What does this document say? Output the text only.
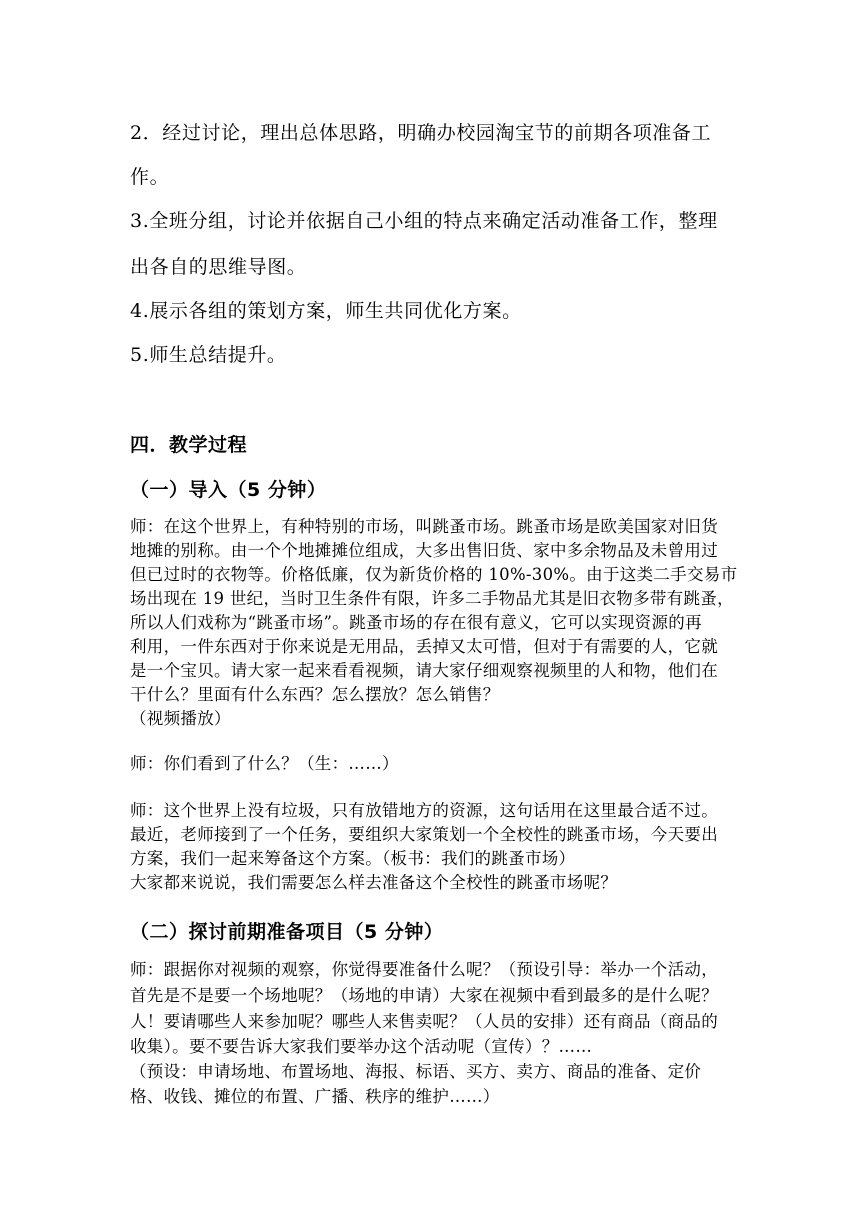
2．经过讨论，理出总体思路，明确办校园淘宝节的前期各项准备工
作。
3.全班分组，讨论并依据自己小组的特点来确定活动准备工作，整理
出各自的思维导图。
4.展示各组的策划方案，师生共同优化方案。
5.师生总结提升。
四．教学过程
（一）导入（5 分钟）
师：在这个世界上，有种特别的市场，叫跳蚤市场。跳蚤市场是欧美国家对旧货
地摊的别称。由一个个地摊摊位组成，大多出售旧货、家中多余物品及未曾用过
但已过时的衣物等。价格低廉，仅为新货价格的 10%-30%。由于这类二手交易市
场出现在 19 世纪，当时卫生条件有限，许多二手物品尤其是旧衣物多带有跳蚤，
所以人们戏称为“跳蚤市场”。跳蚤市场的存在很有意义，它可以实现资源的再
利用，一件东西对于你来说是无用品，丢掉又太可惜，但对于有需要的人，它就
是一个宝贝。请大家一起来看看视频，请大家仔细观察视频里的人和物，他们在
干什么？里面有什么东西？怎么摆放？怎么销售？
（视频播放）
师：你们看到了什么？（生：……）
师：这个世界上没有垃圾，只有放错地方的资源，这句话用在这里最合适不过。
最近，老师接到了一个任务，要组织大家策划一个全校性的跳蚤市场，今天要出
方案，我们一起来筹备这个方案。（板书：我们的跳蚤市场）
大家都来说说，我们需要怎么样去准备这个全校性的跳蚤市场呢？
（二）探讨前期准备项目（5 分钟）
师：跟据你对视频的观察，你觉得要准备什么呢？（预设引导：举办一个活动，
首先是不是要一个场地呢？（场地的申请）大家在视频中看到最多的是什么呢？
人！要请哪些人来参加呢？哪些人来售卖呢？（人员的安排）还有商品（商品的
收集）。要不要告诉大家我们要举办这个活动呢（宣传）？……
（预设：申请场地、布置场地、海报、标语、买方、卖方、商品的准备、定价
格、收钱、摊位的布置、广播、秩序的维护……）
